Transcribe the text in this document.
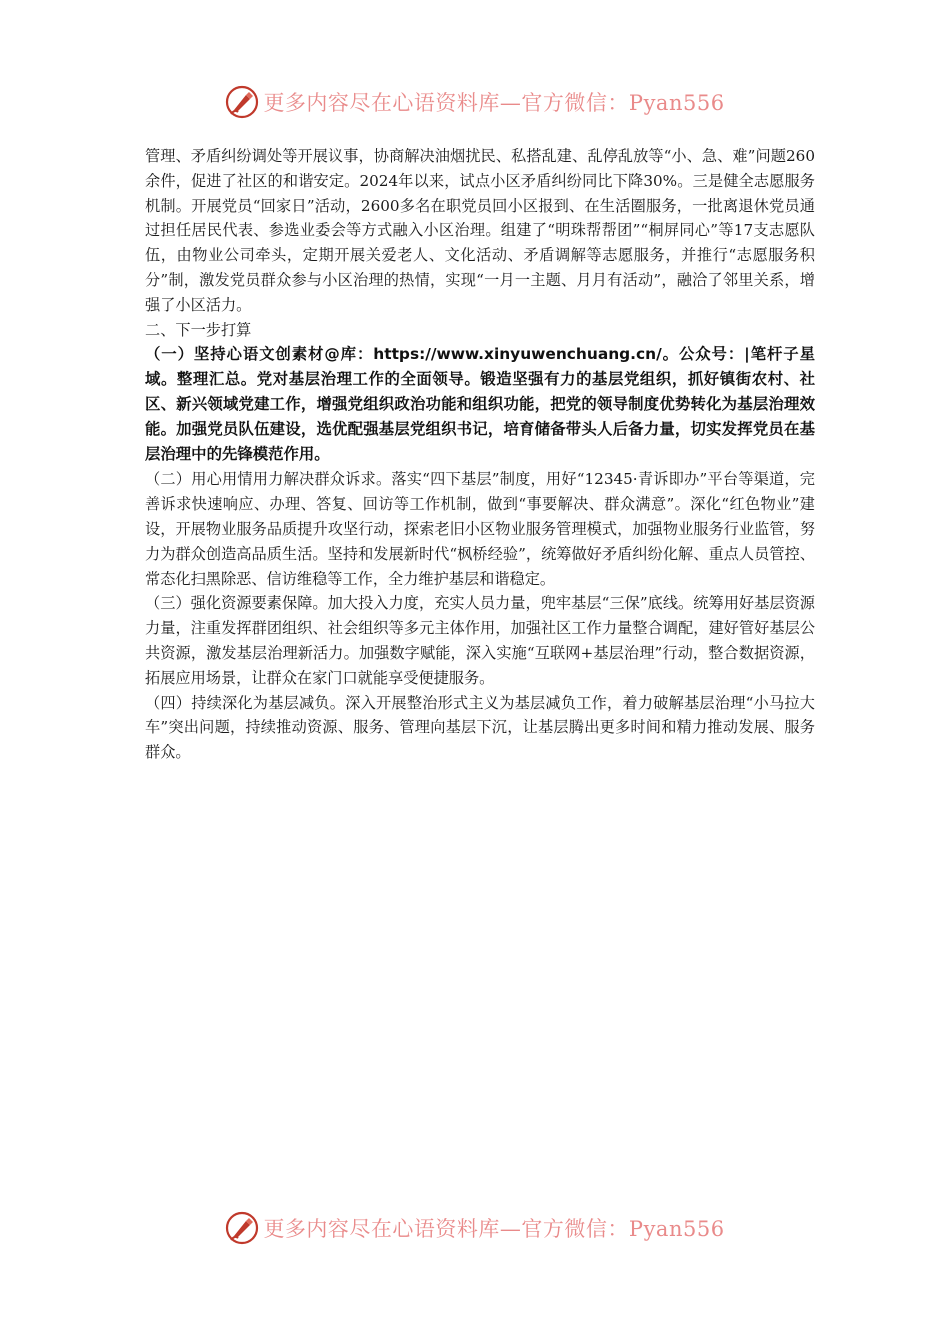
更多内容尽在心语资料库—官方微信：Pyan556

管理、矛盾纠纷调处等开展议事，协商解决油烟扰民、私搭乱建、乱停乱放等“小、急、难”问题260余件，促进了社区的和谐安定。2024年以来，试点小区矛盾纠纷同比下降30%。三是健全志愿服务机制。开展党员“回家日”活动，2600多名在职党员回小区报到、在生活圈服务，一批离退休党员通过担任居民代表、参选业委会等方式融入小区治理。组建了“明珠帮帮团”“桐屏同心”等17支志愿队伍，由物业公司牵头，定期开展关爱老人、文化活动、矛盾调解等志愿服务，并推行“志愿服务积分”制，激发党员群众参与小区治理的热情，实现“一月一主题、月月有活动”，融洽了邻里关系，增强了小区活力。

二、下一步打算

（一）坚持心语文创素材@库：https://www.xinyuwenchuang.cn/。公众号：|笔杆子星域。整理汇总。党对基层治理工作的全面领导。锻造坚强有力的基层党组织，抓好镇街农村、社区、新兴领域党建工作，增强党组织政治功能和组织功能，把党的领导制度优势转化为基层治理效能。加强党员队伍建设，选优配强基层党组织书记，培育储备带头人后备力量，切实发挥党员在基层治理中的先锋模范作用。

（二）用心用情用力解决群众诉求。落实“四下基层”制度，用好“12345·青诉即办”平台等渠道，完善诉求快速响应、办理、答复、回访等工作机制，做到“事要解决、群众满意”。深化“红色物业”建设，开展物业服务品质提升攻坚行动，探索老旧小区物业服务管理模式，加强物业服务行业监管，努力为群众创造高品质生活。坚持和发展新时代“枫桥经验”，统筹做好矛盾纠纷化解、重点人员管控、常态化扫黑除恶、信访维稳等工作，全力维护基层和谐稳定。

（三）强化资源要素保障。加大投入力度，充实人员力量，兜牢基层“三保”底线。统筹用好基层资源力量，注重发挥群团组织、社会组织等多元主体作用，加强社区工作力量整合调配，建好管好基层公共资源，激发基层治理新活力。加强数字赋能，深入实施“互联网+基层治理”行动，整合数据资源，拓展应用场景，让群众在家门口就能享受便捷服务。

（四）持续深化为基层减负。深入开展整治形式主义为基层减负工作，着力破解基层治理“小马拉大车”突出问题，持续推动资源、服务、管理向基层下沉，让基层腾出更多时间和精力推动发展、服务群众。

更多内容尽在心语资料库—官方微信：Pyan556
